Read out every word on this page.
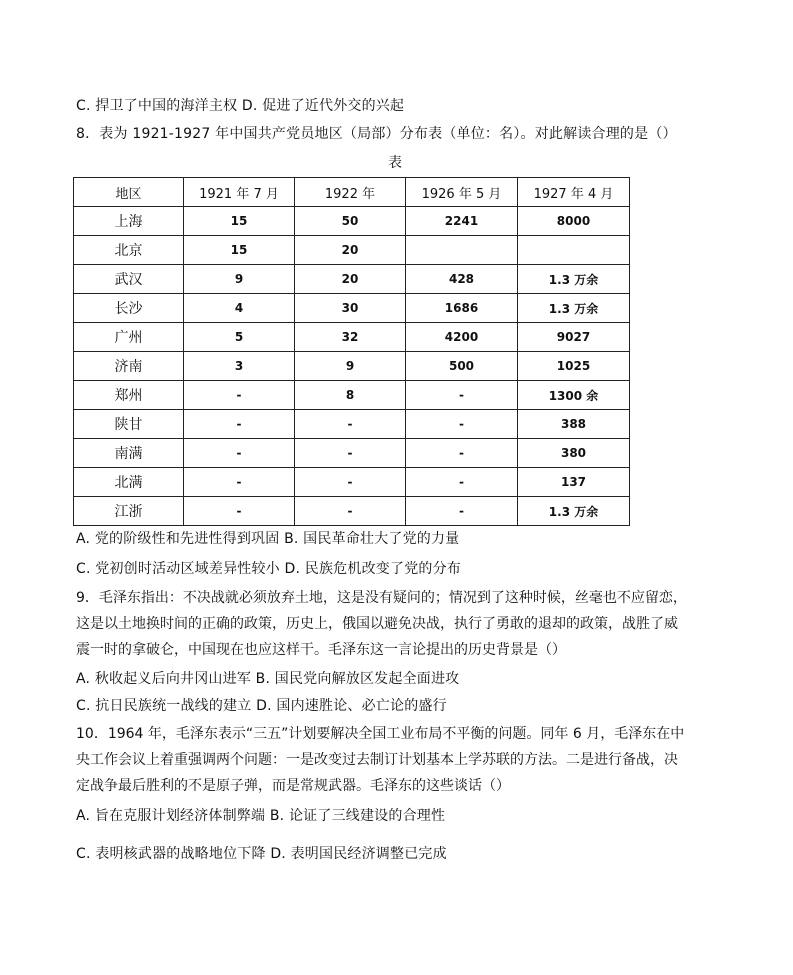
C. 捍卫了中国的海洋主权 D. 促进了近代外交的兴起
8．表为 1921-1927 年中国共产党员地区（局部）分布表（单位：名）。对此解读合理的是（）
表
地区	1921 年 7 月	1922 年	1926 年 5 月	1927 年 4 月
上海	15	50	2241	8000
北京	15	20		
武汉	9	20	428	1.3 万余
长沙	4	30	1686	1.3 万余
广州	5	32	4200	9027
济南	3	9	500	1025
郑州	-	8	-	1300 余
陕甘	-	-	-	388
南满	-	-	-	380
北满	-	-	-	137
江浙	-	-	-	1.3 万余
A. 党的阶级性和先进性得到巩固 B. 国民革命壮大了党的力量
C. 党初创时活动区域差异性较小 D. 民族危机改变了党的分布
9．毛泽东指出：不决战就必须放弃土地，这是没有疑问的；情况到了这种时候，丝毫也不应留恋，
这是以土地换时间的正确的政策，历史上，俄国以避免决战，执行了勇敢的退却的政策，战胜了威
震一时的拿破仑，中国现在也应这样干。毛泽东这一言论提出的历史背景是（）
A. 秋收起义后向井冈山进军 B. 国民党向解放区发起全面进攻
C. 抗日民族统一战线的建立 D. 国内速胜论、必亡论的盛行
10．1964 年，毛泽东表示“三五”计划要解决全国工业布局不平衡的问题。同年 6 月，毛泽东在中
央工作会议上着重强调两个问题：一是改变过去制订计划基本上学苏联的方法。二是进行备战，决
定战争最后胜利的不是原子弹，而是常规武器。毛泽东的这些谈话（）
A. 旨在克服计划经济体制弊端 B. 论证了三线建设的合理性
C. 表明核武器的战略地位下降 D. 表明国民经济调整已完成
